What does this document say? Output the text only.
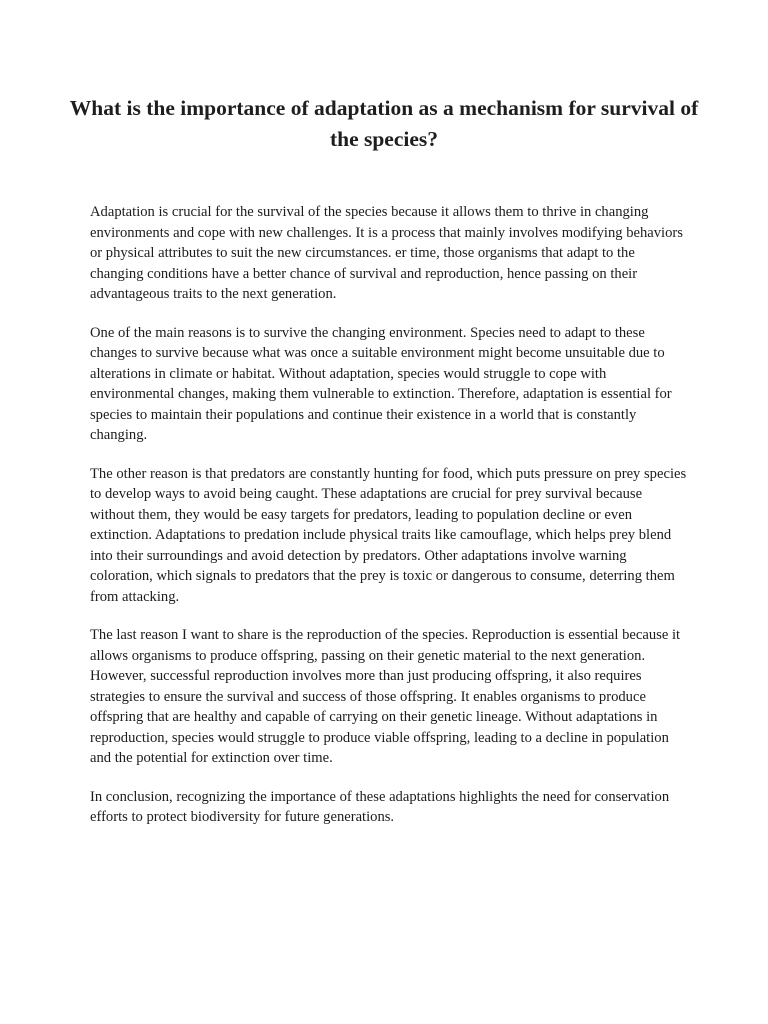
What is the importance of adaptation as a mechanism for survival of the species?

Adaptation is crucial for the survival of the species because it allows them to thrive in changing environments and cope with new challenges. It is a process that mainly involves modifying behaviors or physical attributes to suit the new circumstances. er time, those organisms that adapt to the changing conditions have a better chance of survival and reproduction, hence passing on their advantageous traits to the next generation.

One of the main reasons is to survive the changing environment. Species need to adapt to these changes to survive because what was once a suitable environment might become unsuitable due to alterations in climate or habitat. Without adaptation, species would struggle to cope with environmental changes, making them vulnerable to extinction. Therefore, adaptation is essential for species to maintain their populations and continue their existence in a world that is constantly changing.

The other reason is that predators are constantly hunting for food, which puts pressure on prey species to develop ways to avoid being caught. These adaptations are crucial for prey survival because without them, they would be easy targets for predators, leading to population decline or even extinction. Adaptations to predation include physical traits like camouflage, which helps prey blend into their surroundings and avoid detection by predators. Other adaptations involve warning coloration, which signals to predators that the prey is toxic or dangerous to consume, deterring them from attacking.

The last reason I want to share is the reproduction of the species. Reproduction is essential because it allows organisms to produce offspring, passing on their genetic material to the next generation. However, successful reproduction involves more than just producing offspring, it also requires strategies to ensure the survival and success of those offspring. It enables organisms to produce offspring that are healthy and capable of carrying on their genetic lineage. Without adaptations in reproduction, species would struggle to produce viable offspring, leading to a decline in population and the potential for extinction over time.

In conclusion, recognizing the importance of these adaptations highlights the need for conservation efforts to protect biodiversity for future generations.
